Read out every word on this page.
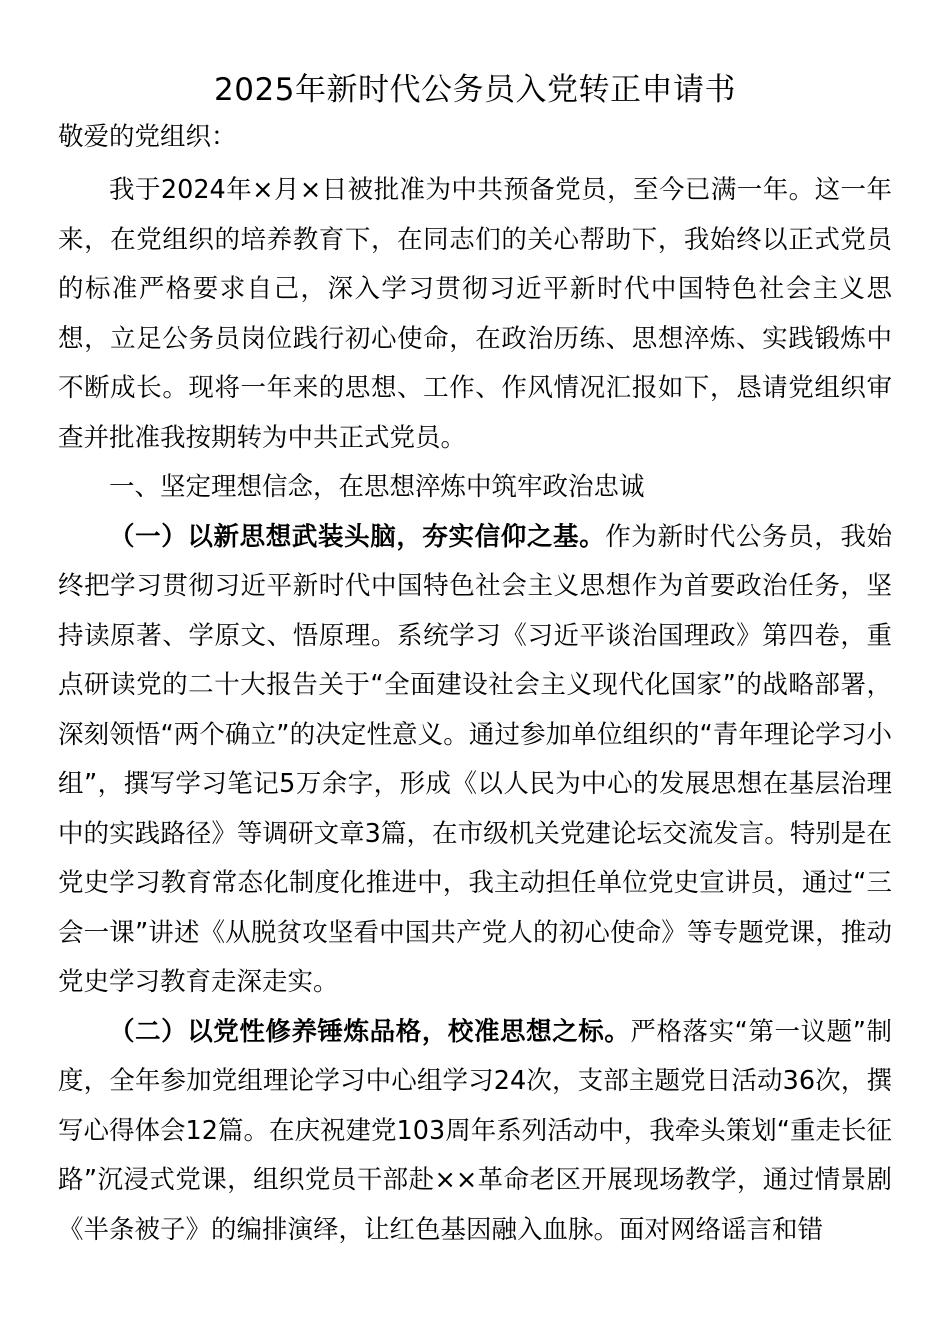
2025年新时代公务员入党转正申请书

敬爱的党组织：

我于2024年×月×日被批准为中共预备党员，至今已满一年。这一年来，在党组织的培养教育下，在同志们的关心帮助下，我始终以正式党员的标准严格要求自己，深入学习贯彻习近平新时代中国特色社会主义思想，立足公务员岗位践行初心使命，在政治历练、思想淬炼、实践锻炼中不断成长。现将一年来的思想、工作、作风情况汇报如下，恳请党组织审查并批准我按期转为中共正式党员。

一、坚定理想信念，在思想淬炼中筑牢政治忠诚

（一）以新思想武装头脑，夯实信仰之基。作为新时代公务员，我始终把学习贯彻习近平新时代中国特色社会主义思想作为首要政治任务，坚持读原著、学原文、悟原理。系统学习《习近平谈治国理政》第四卷，重点研读党的二十大报告关于“全面建设社会主义现代化国家”的战略部署，深刻领悟“两个确立”的决定性意义。通过参加单位组织的“青年理论学习小组”，撰写学习笔记5万余字，形成《以人民为中心的发展思想在基层治理中的实践路径》等调研文章3篇，在市级机关党建论坛交流发言。特别是在党史学习教育常态化制度化推进中，我主动担任单位党史宣讲员，通过“三会一课”讲述《从脱贫攻坚看中国共产党人的初心使命》等专题党课，推动党史学习教育走深走实。

（二）以党性修养锤炼品格，校准思想之标。严格落实“第一议题”制度，全年参加党组理论学习中心组学习24次，支部主题党日活动36次，撰写心得体会12篇。在庆祝建党103周年系列活动中，我牵头策划“重走长征路”沉浸式党课，组织党员干部赴××革命老区开展现场教学，通过情景剧《半条被子》的编排演绎，让红色基因融入血脉。面对网络谣言和错
